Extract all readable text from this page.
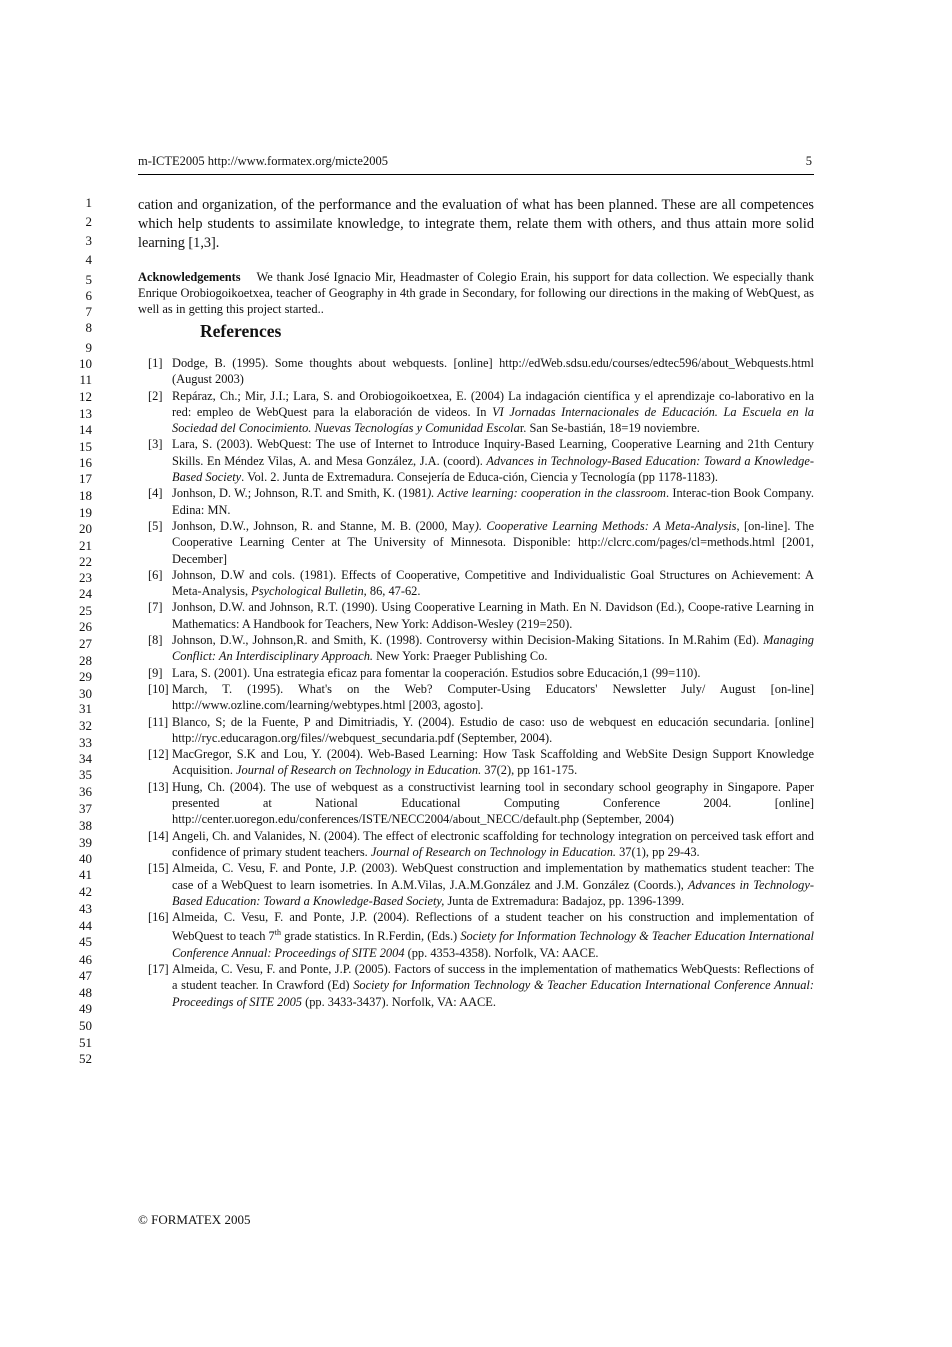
m-ICTE2005 http://www.formatex.org/micte2005	5
1
2
3
4
5
6
7
8
9
10
11
12
13
14
15
16
17
18
19
20
21
22
23
24
25
26
27
28
29
30
31
32
33
34
35
36
37
38
39
40
41
42
43
44
45
46
47
48
49
50
51
52
cation and organization, of the performance and the evaluation of what has been planned. These are all competences which help students to assimilate knowledge, to integrate them, relate them with others, and thus attain more solid learning [1,3].
Acknowledgements We thank José Ignacio Mir, Headmaster of Colegio Erain, his support for data collection. We especially thank Enrique Orobiogoikoetxea, teacher of Geography in 4th grade in Secondary, for following our directions in the making of WebQuest, as well as in getting this project started..
References
[1] Dodge, B. (1995). Some thoughts about webquests. [online] http://edWeb.sdsu.edu/courses/edtec596/about_Webquests.html (August 2003)
[2] Repáraz, Ch.; Mir, J.I.; Lara, S. and Orobiogoikoetxea, E. (2004) La indagación científica y el aprendizaje co-laborativo en la red: empleo de WebQuest para la elaboración de videos. In VI Jornadas Internacionales de Educación. La Escuela en la Sociedad del Conocimiento. Nuevas Tecnologías y Comunidad Escolar. San Se-bastián, 18=19 noviembre.
[3] Lara, S. (2003). WebQuest: The use of Internet to Introduce Inquiry-Based Learning, Cooperative Learning and 21th Century Skills. En Méndez Vilas, A. and Mesa González, J.A. (coord). Advances in Technology-Based Education: Toward a Knowledge-Based Society. Vol. 2. Junta de Extremadura. Consejería de Educa-ción, Ciencia y Tecnología (pp 1178-1183).
[4] Jonhson, D. W.; Johnson, R.T. and Smith, K. (1981). Active learning: cooperation in the classroom. Interac-tion Book Company. Edina: MN.
[5] Jonhson, D.W., Johnson, R. and Stanne, M. B. (2000, May). Cooperative Learning Methods: A Meta-Analysis, [on-line]. The Cooperative Learning Center at The University of Minnesota. Disponible: http://clcrc.com/pages/cl=methods.html [2001, December]
[6] Johnson, D.W and cols. (1981). Effects of Cooperative, Competitive and Individualistic Goal Structures on Achievement: A Meta-Analysis, Psychological Bulletin, 86, 47-62.
[7] Jonhson, D.W. and Johnson, R.T. (1990). Using Cooperative Learning in Math. En N. Davidson (Ed.), Coope-rative Learning in Mathematics: A Handbook for Teachers, New York: Addison-Wesley (219=250).
[8] Johnson, D.W., Johnson,R. and Smith, K. (1998). Controversy within Decision-Making Sitations. In M.Rahim (Ed). Managing Conflict: An Interdisciplinary Approach. New York: Praeger Publishing Co.
[9] Lara, S. (2001). Una estrategia eficaz para fomentar la cooperación. Estudios sobre Educación,1 (99=110).
[10] March, T. (1995). What's on the Web? Computer-Using Educators' Newsletter July/ August [on-line] http://www.ozline.com/learning/webtypes.html [2003, agosto].
[11] Blanco, S; de la Fuente, P and Dimitriadis, Y. (2004). Estudio de caso: uso de webquest en educación secundaria. [online] http://ryc.educaragon.org/files//webquest_secundaria.pdf (September, 2004).
[12] MacGregor, S.K and Lou, Y. (2004). Web-Based Learning: How Task Scaffolding and WebSite Design Support Knowledge Acquisition. Journal of Research on Technology in Education. 37(2), pp 161-175.
[13] Hung, Ch. (2004). The use of webquest as a constructivist learning tool in secondary school geography in Singapore. Paper presented at National Educational Computing Conference 2004. [online] http://center.uoregon.edu/conferences/ISTE/NECC2004/about_NECC/default.php (September, 2004)
[14] Angeli, Ch. and Valanides, N. (2004). The effect of electronic scaffolding for technology integration on perceived task effort and confidence of primary student teachers. Journal of Research on Technology in Education. 37(1), pp 29-43.
[15] Almeida, C. Vesu, F. and Ponte, J.P. (2003). WebQuest construction and implementation by mathematics student teacher: The case of a WebQuest to learn isometries. In A.M.Vilas, J.A.M.González and J.M. González (Coords.), Advances in Technology-Based Education: Toward a Knowledge-Based Society, Junta de Extremadura: Badajoz, pp. 1396-1399.
[16] Almeida, C. Vesu, F. and Ponte, J.P. (2004). Reflections of a student teacher on his construction and implementation of WebQuest to teach 7th grade statistics. In R.Ferdin, (Eds.) Society for Information Technology & Teacher Education International Conference Annual: Proceedings of SITE 2004 (pp. 4353-4358). Norfolk, VA: AACE.
[17] Almeida, C. Vesu, F. and Ponte, J.P. (2005). Factors of success in the implementation of mathematics WebQuests: Reflections of a student teacher. In Crawford (Ed) Society for Information Technology & Teacher Education International Conference Annual: Proceedings of SITE 2005 (pp. 3433-3437). Norfolk, VA: AACE.
© FORMATEX 2005
